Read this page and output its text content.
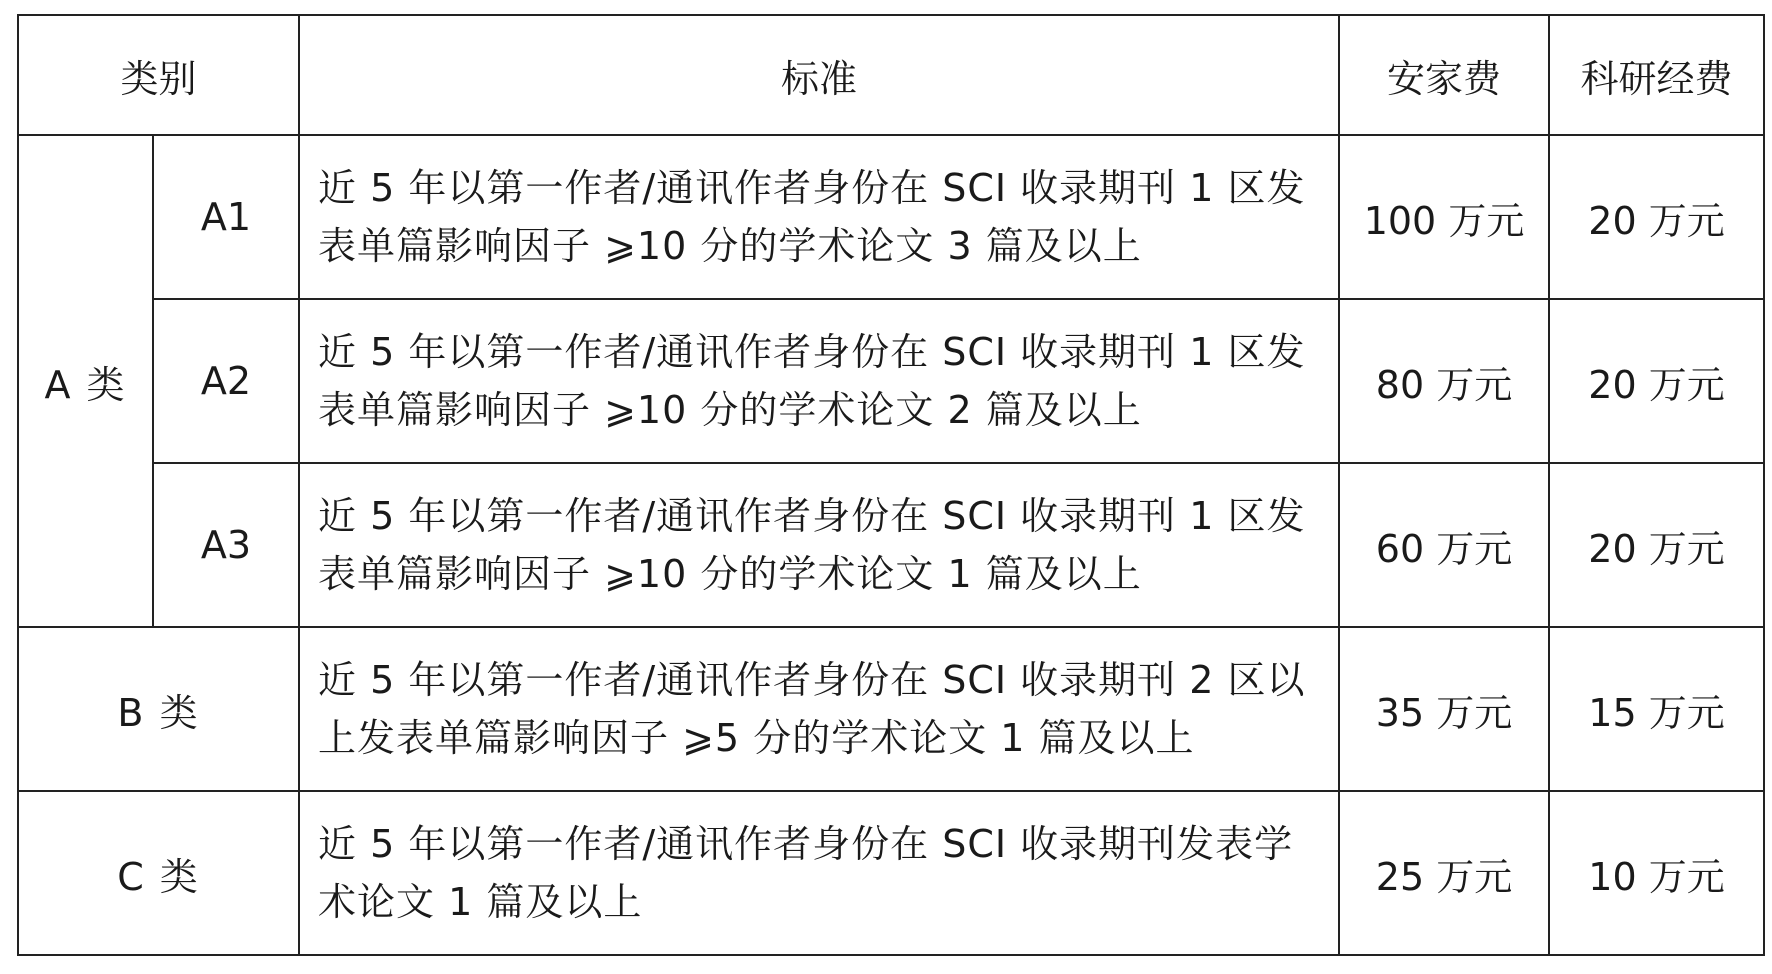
类别		标准	安家费	科研经费
A 类	A1	近 5 年以第一作者/通讯作者身份在 SCI 收录期刊 1 区发表单篇影响因子 ⩾10 分的学术论文 3 篇及以上	100 万元	20 万元
	A2	近 5 年以第一作者/通讯作者身份在 SCI 收录期刊 1 区发表单篇影响因子 ⩾10 分的学术论文 2 篇及以上	80 万元	20 万元
	A3	近 5 年以第一作者/通讯作者身份在 SCI 收录期刊 1 区发表单篇影响因子 ⩾10 分的学术论文 1 篇及以上	60 万元	20 万元
B 类		近 5 年以第一作者/通讯作者身份在 SCI 收录期刊 2 区以上发表单篇影响因子 ⩾5 分的学术论文 1 篇及以上	35 万元	15 万元
C 类		近 5 年以第一作者/通讯作者身份在 SCI 收录期刊发表学术论文 1 篇及以上	25 万元	10 万元
